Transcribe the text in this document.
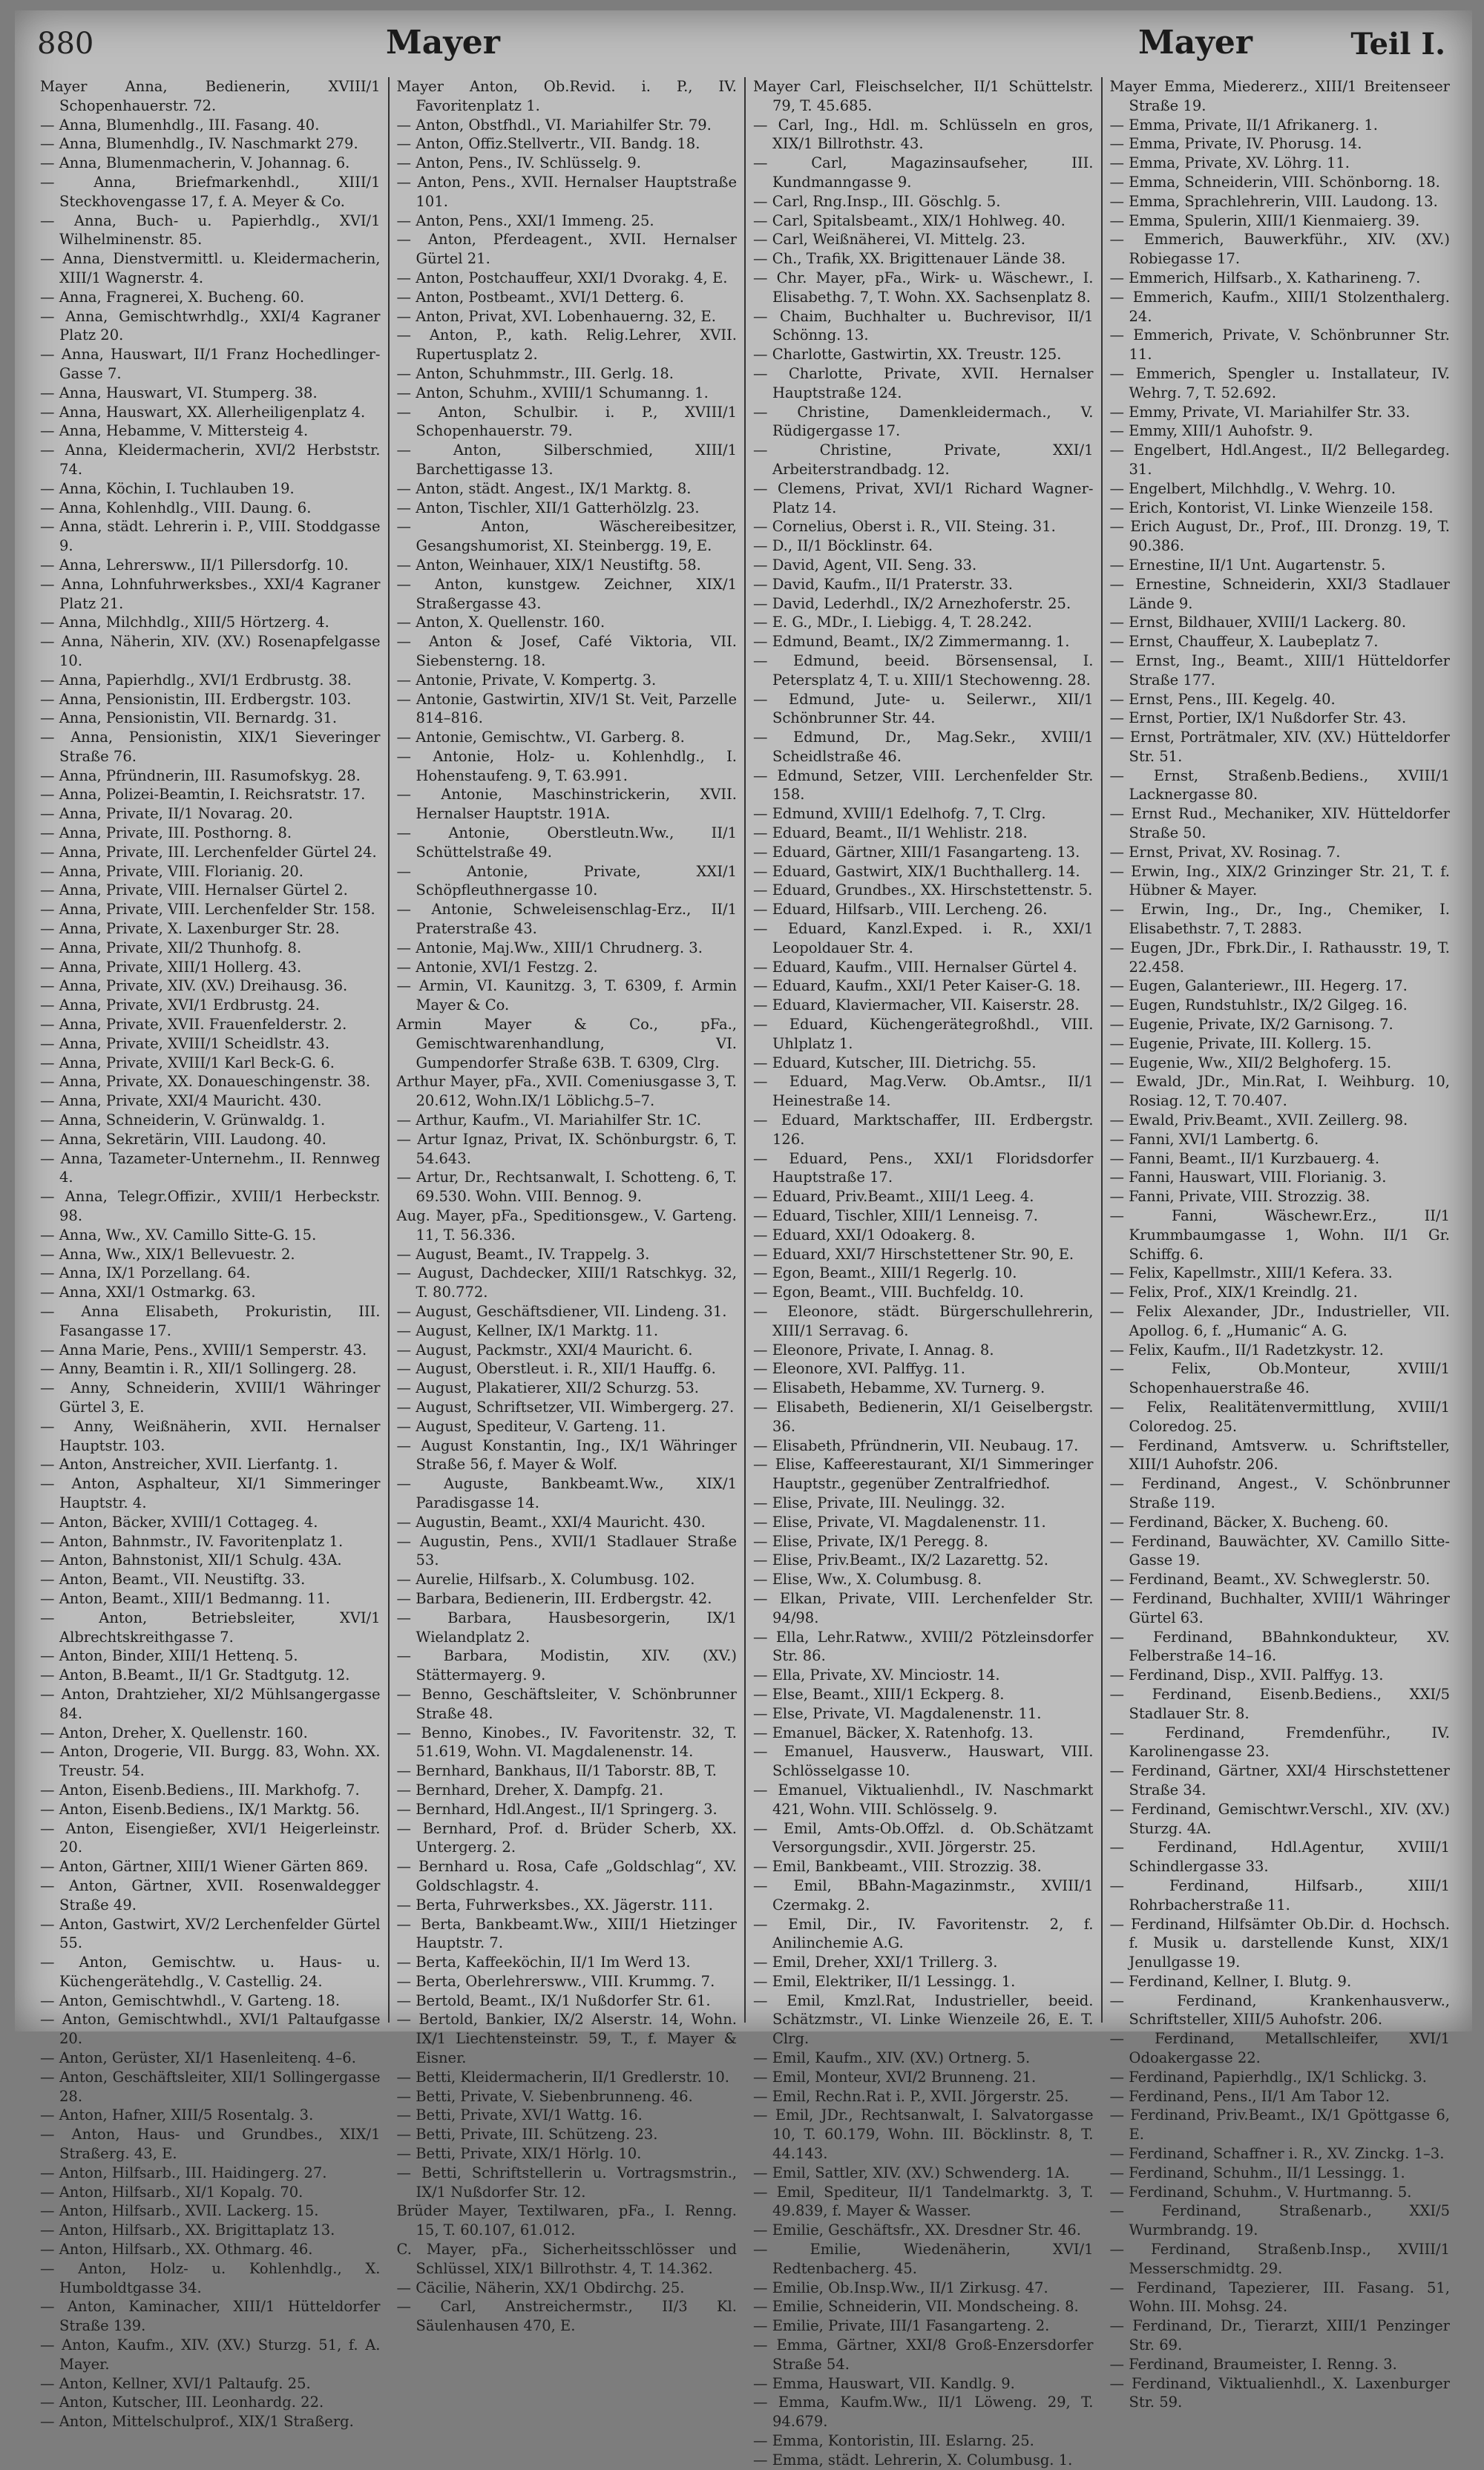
880	Mayer	Mayer	Teil I.
Mayer Anna, Bedienerin, XVIII/1 Schopenhauerstr. 72.
— Anna, Blumenhdlg., III. Fasang. 40.
— Anna, Blumenhdlg., IV. Naschmarkt 279.
— Anna, Blumenmacherin, V. Johannag. 6.
— Anna, Briefmarkenhdl., XIII/1 Steckhovengasse 17, f. A. Meyer & Co.
— Anna, Buch- u. Papierhdlg., XVI/1 Wilhelminenstr. 85.
— Anna, Dienstvermittl. u. Kleidermacherin, XIII/1 Wagnerstr. 4.
— Anna, Fragnerei, X. Bucheng. 60.
— Anna, Gemischtwrhdlg., XXI/4 Kagraner Platz 20.
— Anna, Hauswart, II/1 Franz Hochedlinger-Gasse 7.
— Anna, Hauswart, VI. Stumperg. 38.
— Anna, Hauswart, XX. Allerheiligenplatz 4.
— Anna, Hebamme, V. Mittersteig 4.
— Anna, Kleidermacherin, XVI/2 Herbststr. 74.
— Anna, Köchin, I. Tuchlauben 19.
— Anna, Kohlenhdlg., VIII. Daung. 6.
— Anna, städt. Lehrerin i. P., VIII. Stoddgasse 9.
— Anna, Lehrersww., II/1 Pillersdorfg. 10.
— Anna, Lohnfuhrwerksbes., XXI/4 Kagraner Platz 21.
— Anna, Milchhdlg., XIII/5 Hörtzerg. 4.
— Anna, Näherin, XIV. (XV.) Rosenapfelgasse 10.
— Anna, Papierhdlg., XVI/1 Erdbrustg. 38.
— Anna, Pensionistin, III. Erdbergstr. 103.
— Anna, Pensionistin, VII. Bernardg. 31.
— Anna, Pensionistin, XIX/1 Sieveringer Straße 76.
— Anna, Pfründnerin, III. Rasumofskyg. 28.
— Anna, Polizei-Beamtin, I. Reichsratstr. 17.
— Anna, Private, II/1 Novarag. 20.
— Anna, Private, III. Posthorng. 8.
— Anna, Private, III. Lerchenfelder Gürtel 24.
— Anna, Private, VIII. Florianig. 20.
— Anna, Private, VIII. Hernalser Gürtel 2.
— Anna, Private, VIII. Lerchenfelder Str. 158.
— Anna, Private, X. Laxenburger Str. 28.
— Anna, Private, XII/2 Thunhofg. 8.
— Anna, Private, XIII/1 Hollerg. 43.
— Anna, Private, XIV. (XV.) Dreihausg. 36.
— Anna, Private, XVI/1 Erdbrustg. 24.
— Anna, Private, XVII. Frauenfelderstr. 2.
— Anna, Private, XVIII/1 Scheidlstr. 43.
— Anna, Private, XVIII/1 Karl Beck-G. 6.
— Anna, Private, XX. Donaueschingenstr. 38.
— Anna, Private, XXI/4 Mauricht. 430.
— Anna, Schneiderin, V. Grünwaldg. 1.
— Anna, Sekretärin, VIII. Laudong. 40.
— Anna, Tazameter-Unternehm., II. Rennweg 4.
— Anna, Telegr.Offizir., XVIII/1 Herbeckstr. 98.
— Anna, Ww., XV. Camillo Sitte-G. 15.
— Anna, Ww., XIX/1 Bellevuestr. 2.
— Anna, IX/1 Porzellang. 64.
— Anna, XXI/1 Ostmarkg. 63.
— Anna Elisabeth, Prokuristin, III. Fasangasse 17.
— Anna Marie, Pens., XVIII/1 Semperstr. 43.
— Anny, Beamtin i. R., XII/1 Sollingerg. 28.
— Anny, Schneiderin, XVIII/1 Währinger Gürtel 3, E.
— Anny, Weißnäherin, XVII. Hernalser Hauptstr. 103.
— Anton, Anstreicher, XVII. Lierfantg. 1.
— Anton, Asphalteur, XI/1 Simmeringer Hauptstr. 4.
— Anton, Bäcker, XVIII/1 Cottageg. 4.
— Anton, Bahnmstr., IV. Favoritenplatz 1.
— Anton, Bahnstonist, XII/1 Schulg. 43A.
— Anton, Beamt., VII. Neustiftg. 33.
— Anton, Beamt., XIII/1 Bedmanng. 11.
— Anton, Betriebsleiter, XVI/1 Albrechtskreithgasse 7.
— Anton, Binder, XIII/1 Hettenq. 5.
— Anton, B.Beamt., II/1 Gr. Stadtgutg. 12.
— Anton, Drahtzieher, XI/2 Mühlsangergasse 84.
— Anton, Dreher, X. Quellenstr. 160.
— Anton, Drogerie, VII. Burgg. 83, Wohn. XX. Treustr. 54.
— Anton, Eisenb.Bediens., III. Markhofg. 7.
— Anton, Eisenb.Bediens., IX/1 Marktg. 56.
— Anton, Eisengießer, XVI/1 Heigerleinstr. 20.
— Anton, Gärtner, XIII/1 Wiener Gärten 869.
— Anton, Gärtner, XVII. Rosenwaldegger Straße 49.
— Anton, Gastwirt, XV/2 Lerchenfelder Gürtel 55.
— Anton, Gemischtw. u. Haus- u. Küchengerätehdlg., V. Castellig. 24.
— Anton, Gemischtwhdl., V. Garteng. 18.
— Anton, Gemischtwhdl., XVI/1 Paltaufgasse 20.
— Anton, Gerüster, XI/1 Hasenleitenq. 4–6.
— Anton, Geschäftsleiter, XII/1 Sollingergasse 28.
— Anton, Hafner, XIII/5 Rosentalg. 3.
— Anton, Haus- und Grundbes., XIX/1 Straßerg. 43, E.
— Anton, Hilfsarb., III. Haidingerg. 27.
— Anton, Hilfsarb., XI/1 Kopalg. 70.
— Anton, Hilfsarb., XVII. Lackerg. 15.
— Anton, Hilfsarb., XX. Brigittaplatz 13.
— Anton, Hilfsarb., XX. Othmarg. 46.
— Anton, Holz- u. Kohlenhdlg., X. Humboldtgasse 34.
— Anton, Kaminacher, XIII/1 Hütteldorfer Straße 139.
— Anton, Kaufm., XIV. (XV.) Sturzg. 51, f. A. Mayer.
— Anton, Kellner, XVI/1 Paltaufg. 25.
— Anton, Kutscher, III. Leonhardg. 22.
— Anton, Mittelschulprof., XIX/1 Straßerg.
Mayer Anton, Ob.Revid. i. P., IV. Favoritenplatz 1.
— Anton, Obstfhdl., VI. Mariahilfer Str. 79.
— Anton, Offiz.Stellvertr., VII. Bandg. 18.
— Anton, Pens., IV. Schlüsselg. 9.
— Anton, Pens., XVII. Hernalser Hauptstraße 101.
— Anton, Pens., XXI/1 Immeng. 25.
— Anton, Pferdeagent., XVII. Hernalser Gürtel 21.
— Anton, Postchauffeur, XXI/1 Dvorakg. 4, E.
— Anton, Postbeamt., XVI/1 Detterg. 6.
— Anton, Privat, XVI. Lobenhauerng. 32, E.
— Anton, P., kath. Relig.Lehrer, XVII. Rupertusplatz 2.
— Anton, Schuhmmstr., III. Gerlg. 18.
— Anton, Schuhm., XVIII/1 Schumanng. 1.
— Anton, Schulbir. i. P., XVIII/1 Schopenhauerstr. 79.
— Anton, Silberschmied, XIII/1 Barchettigasse 13.
— Anton, städt. Angest., IX/1 Marktg. 8.
— Anton, Tischler, XII/1 Gatterhölzlg. 23.
— Anton, Wäschereibesitzer, Gesangshumorist, XI. Steinbergg. 19, E.
— Anton, Weinhauer, XIX/1 Neustiftg. 58.
— Anton, kunstgew. Zeichner, XIX/1 Straßergasse 43.
— Anton, X. Quellenstr. 160.
— Anton & Josef, Café Viktoria, VII. Siebensterng. 18.
— Antonie, Private, V. Kompertg. 3.
— Antonie, Gastwirtin, XIV/1 St. Veit, Parzelle 814–816.
— Antonie, Gemischtw., VI. Garberg. 8.
— Antonie, Holz- u. Kohlenhdlg., I. Hohenstaufeng. 9, T. 63.991.
— Antonie, Maschinstrickerin, XVII. Hernalser Hauptstr. 191A.
— Antonie, Oberstleutn.Ww., II/1 Schüttelstraße 49.
— Antonie, Private, XXI/1 Schöpfleuthnergasse 10.
— Antonie, Schweleisenschlag-Erz., II/1 Praterstraße 43.
— Antonie, Maj.Ww., XIII/1 Chrudnerg. 3.
— Antonie, XVI/1 Festzg. 2.
— Armin, VI. Kaunitzg. 3, T. 6309, f. Armin Mayer & Co.
Armin Mayer & Co., pFa., Gemischtwarenhandlung, VI. Gumpendorfer Straße 63B. T. 6309, Clrg.
Arthur Mayer, pFa., XVII. Comeniusgasse 3, T. 20.612, Wohn.IX/1 Löblichg.5–7.
— Arthur, Kaufm., VI. Mariahilfer Str. 1C.
— Artur Ignaz, Privat, IX. Schönburgstr. 6, T. 54.643.
— Artur, Dr., Rechtsanwalt, I. Schotteng. 6, T. 69.530. Wohn. VIII. Bennog. 9.
Aug. Mayer, pFa., Speditionsgew., V. Garteng. 11, T. 56.336.
— August, Beamt., IV. Trappelg. 3.
— August, Dachdecker, XIII/1 Ratschkyg. 32, T. 80.772.
— August, Geschäftsdiener, VII. Lindeng. 31.
— August, Kellner, IX/1 Marktg. 11.
— August, Packmstr., XXI/4 Mauricht. 6.
— August, Oberstleut. i. R., XII/1 Hauffg. 6.
— August, Plakatierer, XII/2 Schurzg. 53.
— August, Schriftsetzer, VII. Wimbergerg. 27.
— August, Spediteur, V. Garteng. 11.
— August Konstantin, Ing., IX/1 Währinger Straße 56, f. Mayer & Wolf.
— Auguste, Bankbeamt.Ww., XIX/1 Paradisgasse 14.
— Augustin, Beamt., XXI/4 Mauricht. 430.
— Augustin, Pens., XVII/1 Stadlauer Straße 53.
— Aurelie, Hilfsarb., X. Columbusg. 102.
— Barbara, Bedienerin, III. Erdbergstr. 42.
— Barbara, Hausbesorgerin, IX/1 Wielandplatz 2.
— Barbara, Modistin, XIV. (XV.) Stättermayerg. 9.
— Benno, Geschäftsleiter, V. Schönbrunner Straße 48.
— Benno, Kinobes., IV. Favoritenstr. 32, T. 51.619, Wohn. VI. Magdalenenstr. 14.
— Bernhard, Bankhaus, II/1 Taborstr. 8B, T.
— Bernhard, Dreher, X. Dampfg. 21.
— Bernhard, Hdl.Angest., II/1 Springerg. 3.
— Bernhard, Prof. d. Brüder Scherb, XX. Untergerg. 2.
— Bernhard u. Rosa, Cafe „Goldschlag“, XV. Goldschlagstr. 4.
— Berta, Fuhrwerksbes., XX. Jägerstr. 111.
— Berta, Bankbeamt.Ww., XIII/1 Hietzinger Hauptstr. 7.
— Berta, Kaffeeköchin, II/1 Im Werd 13.
— Berta, Oberlehrersww., VIII. Krummg. 7.
— Bertold, Beamt., IX/1 Nußdorfer Str. 61.
— Bertold, Bankier, IX/2 Alserstr. 14, Wohn. IX/1 Liechtensteinstr. 59, T., f. Mayer & Eisner.
— Betti, Kleidermacherin, II/1 Gredlerstr. 10.
— Betti, Private, V. Siebenbrunneng. 46.
— Betti, Private, XVI/1 Wattg. 16.
— Betti, Private, III. Schützeng. 23.
— Betti, Private, XIX/1 Hörlg. 10.
— Betti, Schriftstellerin u. Vortragsmstrin., IX/1 Nußdorfer Str. 12.
Brüder Mayer, Textilwaren, pFa., I. Renng. 15, T. 60.107, 61.012.
C. Mayer, pFa., Sicherheitsschlösser und Schlüssel, XIX/1 Billrothstr. 4, T. 14.362.
— Cäcilie, Näherin, XX/1 Obdirchg. 25.
— Carl, Anstreichermstr., II/3 Kl. Säulenhausen 470, E.
Mayer Carl, Fleischselcher, II/1 Schüttelstr. 79, T. 45.685.
— Carl, Ing., Hdl. m. Schlüsseln en gros, XIX/1 Billrothstr. 43.
— Carl, Magazinsaufseher, III. Kundmanngasse 9.
— Carl, Rng.Insp., III. Göschlg. 5.
— Carl, Spitalsbeamt., XIX/1 Hohlweg. 40.
— Carl, Weißnäherei, VI. Mittelg. 23.
— Ch., Trafik, XX. Brigittenauer Lände 38.
— Chr. Mayer, pFa., Wirk- u. Wäschewr., I. Elisabethg. 7, T. Wohn. XX. Sachsenplatz 8.
— Chaim, Buchhalter u. Buchrevisor, II/1 Schönng. 13.
— Charlotte, Gastwirtin, XX. Treustr. 125.
— Charlotte, Private, XVII. Hernalser Hauptstraße 124.
— Christine, Damenkleidermach., V. Rüdigergasse 17.
— Christine, Private, XXI/1 Arbeiterstrandbadg. 12.
— Clemens, Privat, XVI/1 Richard Wagner-Platz 14.
— Cornelius, Oberst i. R., VII. Steing. 31.
— D., II/1 Böcklinstr. 64.
— David, Agent, VII. Seng. 33.
— David, Kaufm., II/1 Praterstr. 33.
— David, Lederhdl., IX/2 Arnezhoferstr. 25.
— E. G., MDr., I. Liebigg. 4, T. 28.242.
— Edmund, Beamt., IX/2 Zimmermanng. 1.
— Edmund, beeid. Börsensensal, I. Petersplatz 4, T. u. XIII/1 Stechowenng. 28.
— Edmund, Jute- u. Seilerwr., XII/1 Schönbrunner Str. 44.
— Edmund, Dr., Mag.Sekr., XVIII/1 Scheidlstraße 46.
— Edmund, Setzer, VIII. Lerchenfelder Str. 158.
— Edmund, XVIII/1 Edelhofg. 7, T. Clrg.
— Eduard, Beamt., II/1 Wehlistr. 218.
— Eduard, Gärtner, XIII/1 Fasangarteng. 13.
— Eduard, Gastwirt, XIX/1 Buchthallerg. 14.
— Eduard, Grundbes., XX. Hirschstettenstr. 5.
— Eduard, Hilfsarb., VIII. Lercheng. 26.
— Eduard, Kanzl.Exped. i. R., XXI/1 Leopoldauer Str. 4.
— Eduard, Kaufm., VIII. Hernalser Gürtel 4.
— Eduard, Kaufm., XXI/1 Peter Kaiser-G. 18.
— Eduard, Klaviermacher, VII. Kaiserstr. 28.
— Eduard, Küchengerätegroßhdl., VIII. Uhlplatz 1.
— Eduard, Kutscher, III. Dietrichg. 55.
— Eduard, Mag.Verw. Ob.Amtsr., II/1 Heinestraße 14.
— Eduard, Marktschaffer, III. Erdbergstr. 126.
— Eduard, Pens., XXI/1 Floridsdorfer Hauptstraße 17.
— Eduard, Priv.Beamt., XIII/1 Leeg. 4.
— Eduard, Tischler, XIII/1 Lenneisg. 7.
— Eduard, XXI/1 Odoakerg. 8.
— Eduard, XXI/7 Hirschstettener Str. 90, E.
— Egon, Beamt., XIII/1 Regerlg. 10.
— Egon, Beamt., VIII. Buchfeldg. 10.
— Eleonore, städt. Bürgerschullehrerin, XIII/1 Serravag. 6.
— Eleonore, Private, I. Annag. 8.
— Eleonore, XVI. Palffyg. 11.
— Elisabeth, Hebamme, XV. Turnerg. 9.
— Elisabeth, Bedienerin, XI/1 Geiselbergstr. 36.
— Elisabeth, Pfründnerin, VII. Neubaug. 17.
— Elise, Kaffeerestaurant, XI/1 Simmeringer Hauptstr., gegenüber Zentralfriedhof.
— Elise, Private, III. Neulingg. 32.
— Elise, Private, VI. Magdalenenstr. 11.
— Elise, Private, IX/1 Peregg. 8.
— Elise, Priv.Beamt., IX/2 Lazarettg. 52.
— Elise, Ww., X. Columbusg. 8.
— Elkan, Private, VIII. Lerchenfelder Str. 94/98.
— Ella, Lehr.Ratww., XVIII/2 Pötzleinsdorfer Str. 86.
— Ella, Private, XV. Minciostr. 14.
— Else, Beamt., XIII/1 Eckperg. 8.
— Else, Private, VI. Magdalenenstr. 11.
— Emanuel, Bäcker, X. Ratenhofg. 13.
— Emanuel, Hausverw., Hauswart, VIII. Schlösselgasse 10.
— Emanuel, Viktualienhdl., IV. Naschmarkt 421, Wohn. VIII. Schlösselg. 9.
— Emil, Amts-Ob.Offzl. d. Ob.Schätzamt Versorgungsdir., XVII. Jörgerstr. 25.
— Emil, Bankbeamt., VIII. Strozzig. 38.
— Emil, BBahn-Magazinmstr., XVIII/1 Czermakg. 2.
— Emil, Dir., IV. Favoritenstr. 2, f. Anilinchemie A.G.
— Emil, Dreher, XXI/1 Trillerg. 3.
— Emil, Elektriker, II/1 Lessingg. 1.
— Emil, Kmzl.Rat, Industrieller, beeid. Schätzmstr., VI. Linke Wienzeile 26, E. T. Clrg.
— Emil, Kaufm., XIV. (XV.) Ortnerg. 5.
— Emil, Monteur, XVI/2 Brunneng. 21.
— Emil, Rechn.Rat i. P., XVII. Jörgerstr. 25.
— Emil, JDr., Rechtsanwalt, I. Salvatorgasse 10, T. 60.179, Wohn. III. Böcklinstr. 8, T. 44.143.
— Emil, Sattler, XIV. (XV.) Schwenderg. 1A.
— Emil, Spediteur, II/1 Tandelmarktg. 3, T. 49.839, f. Mayer & Wasser.
— Emilie, Geschäftsfr., XX. Dresdner Str. 46.
— Emilie, Wiedenäherin, XVI/1 Redtenbacherg. 45.
— Emilie, Ob.Insp.Ww., II/1 Zirkusg. 47.
— Emilie, Schneiderin, VII. Mondscheing. 8.
— Emilie, Private, III/1 Fasangarteng. 2.
— Emma, Gärtner, XXI/8 Groß-Enzersdorfer Straße 54.
— Emma, Hauswart, VII. Kandlg. 9.
— Emma, Kaufm.Ww., II/1 Löweng. 29, T. 94.679.
— Emma, Kontoristin, III. Eslarng. 25.
— Emma, städt. Lehrerin, X. Columbusg. 1.
Mayer Emma, Miedererz., XIII/1 Breitenseer Straße 19.
— Emma, Private, II/1 Afrikanerg. 1.
— Emma, Private, IV. Phorusg. 14.
— Emma, Private, XV. Löhrg. 11.
— Emma, Schneiderin, VIII. Schönborng. 18.
— Emma, Sprachlehrerin, VIII. Laudong. 13.
— Emma, Spulerin, XIII/1 Kienmaierg. 39.
— Emmerich, Bauwerkführ., XIV. (XV.) Robiegasse 17.
— Emmerich, Hilfsarb., X. Katharineng. 7.
— Emmerich, Kaufm., XIII/1 Stolzenthalerg. 24.
— Emmerich, Private, V. Schönbrunner Str. 11.
— Emmerich, Spengler u. Installateur, IV. Wehrg. 7, T. 52.692.
— Emmy, Private, VI. Mariahilfer Str. 33.
— Emmy, XIII/1 Auhofstr. 9.
— Engelbert, Hdl.Angest., II/2 Bellegardeg. 31.
— Engelbert, Milchhdlg., V. Wehrg. 10.
— Erich, Kontorist, VI. Linke Wienzeile 158.
— Erich August, Dr., Prof., III. Dronzg. 19, T. 90.386.
— Ernestine, II/1 Unt. Augartenstr. 5.
— Ernestine, Schneiderin, XXI/3 Stadlauer Lände 9.
— Ernst, Bildhauer, XVIII/1 Lackerg. 80.
— Ernst, Chauffeur, X. Laubeplatz 7.
— Ernst, Ing., Beamt., XIII/1 Hütteldorfer Straße 177.
— Ernst, Pens., III. Kegelg. 40.
— Ernst, Portier, IX/1 Nußdorfer Str. 43.
— Ernst, Porträtmaler, XIV. (XV.) Hütteldorfer Str. 51.
— Ernst, Straßenb.Bediens., XVIII/1 Lacknergasse 80.
— Ernst Rud., Mechaniker, XIV. Hütteldorfer Straße 50.
— Ernst, Privat, XV. Rosinag. 7.
— Erwin, Ing., XIX/2 Grinzinger Str. 21, T. f. Hübner & Mayer.
— Erwin, Ing., Dr., Ing., Chemiker, I. Elisabethstr. 7, T. 2883.
— Eugen, JDr., Fbrk.Dir., I. Rathausstr. 19, T. 22.458.
— Eugen, Galanteriewr., III. Hegerg. 17.
— Eugen, Rundstuhlstr., IX/2 Gilgeg. 16.
— Eugenie, Private, IX/2 Garnisong. 7.
— Eugenie, Private, III. Kollerg. 15.
— Eugenie, Ww., XII/2 Belghoferg. 15.
— Ewald, JDr., Min.Rat, I. Weihburg. 10, Rosiag. 12, T. 70.407.
— Ewald, Priv.Beamt., XVII. Zeillerg. 98.
— Fanni, XVI/1 Lambertg. 6.
— Fanni, Beamt., II/1 Kurzbauerg. 4.
— Fanni, Hauswart, VIII. Florianig. 3.
— Fanni, Private, VIII. Strozzig. 38.
— Fanni, Wäschewr.Erz., II/1 Krummbaumgasse 1, Wohn. II/1 Gr. Schiffg. 6.
— Felix, Kapellmstr., XIII/1 Kefera. 33.
— Felix, Prof., XIX/1 Kreindlg. 21.
— Felix Alexander, JDr., Industrieller, VII. Apollog. 6, f. „Humanic“ A. G.
— Felix, Kaufm., II/1 Radetzkystr. 12.
— Felix, Ob.Monteur, XVIII/1 Schopenhauerstraße 46.
— Felix, Realitätenvermittlung, XVIII/1 Coloredog. 25.
— Ferdinand, Amtsverw. u. Schriftsteller, XIII/1 Auhofstr. 206.
— Ferdinand, Angest., V. Schönbrunner Straße 119.
— Ferdinand, Bäcker, X. Bucheng. 60.
— Ferdinand, Bauwächter, XV. Camillo Sitte-Gasse 19.
— Ferdinand, Beamt., XV. Schweglerstr. 50.
— Ferdinand, Buchhalter, XVIII/1 Währinger Gürtel 63.
— Ferdinand, BBahnkondukteur, XV. Felberstraße 14–16.
— Ferdinand, Disp., XVII. Palffyg. 13.
— Ferdinand, Eisenb.Bediens., XXI/5 Stadlauer Str. 8.
— Ferdinand, Fremdenführ., IV. Karolinengasse 23.
— Ferdinand, Gärtner, XXI/4 Hirschstettener Straße 34.
— Ferdinand, Gemischtwr.Verschl., XIV. (XV.) Sturzg. 4A.
— Ferdinand, Hdl.Agentur, XVIII/1 Schindlergasse 33.
— Ferdinand, Hilfsarb., XIII/1 Rohrbacherstraße 11.
— Ferdinand, Hilfsämter Ob.Dir. d. Hochsch. f. Musik u. darstellende Kunst, XIX/1 Jenullgasse 19.
— Ferdinand, Kellner, I. Blutg. 9.
— Ferdinand, Krankenhausverw., Schriftsteller, XIII/5 Auhofstr. 206.
— Ferdinand, Metallschleifer, XVI/1 Odoakergasse 22.
— Ferdinand, Papierhdlg., IX/1 Schlickg. 3.
— Ferdinand, Pens., II/1 Am Tabor 12.
— Ferdinand, Priv.Beamt., IX/1 Gpöttgasse 6, E.
— Ferdinand, Schaffner i. R., XV. Zinckg. 1–3.
— Ferdinand, Schuhm., II/1 Lessingg. 1.
— Ferdinand, Schuhm., V. Hurtmanng. 5.
— Ferdinand, Straßenarb., XXI/5 Wurmbrandg. 19.
— Ferdinand, Straßenb.Insp., XVIII/1 Messerschmidtg. 29.
— Ferdinand, Tapezierer, III. Fasang. 51, Wohn. III. Mohsg. 24.
— Ferdinand, Dr., Tierarzt, XIII/1 Penzinger Str. 69.
— Ferdinand, Braumeister, I. Renng. 3.
— Ferdinand, Viktualienhdl., X. Laxenburger Str. 59.
